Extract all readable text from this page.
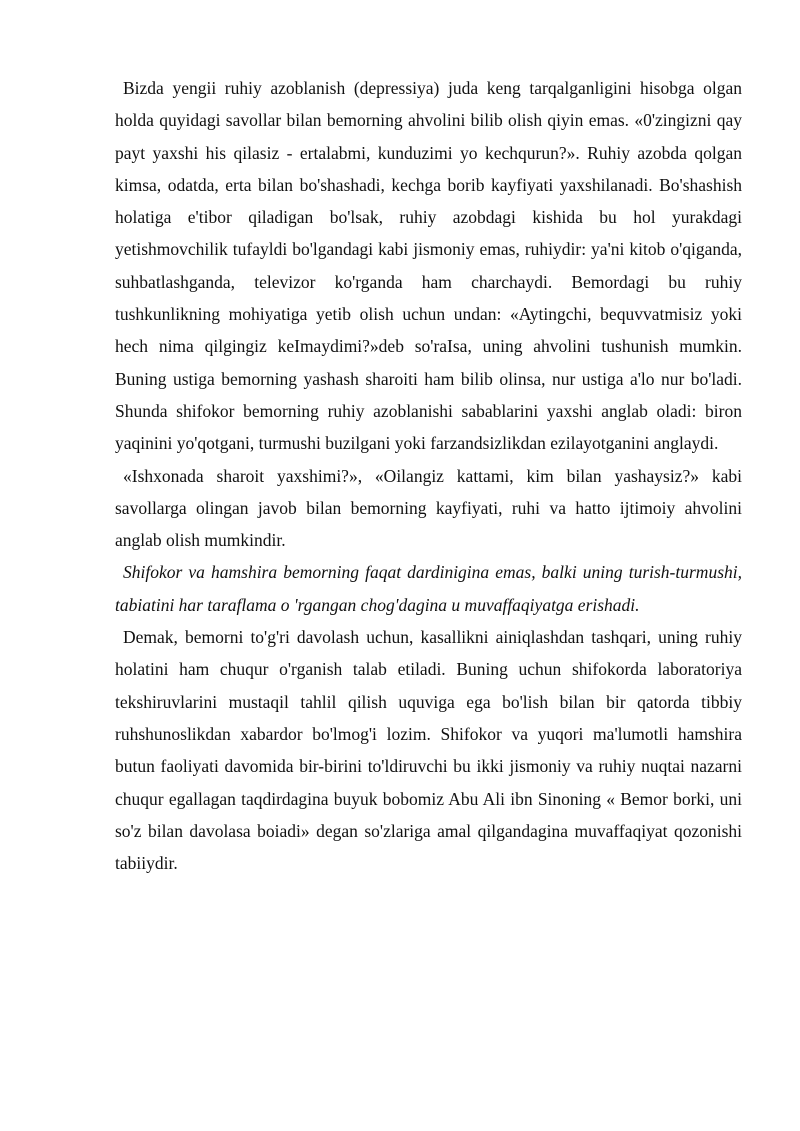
Bizda yengii ruhiy azoblanish (depressiya) juda keng tarqalganligini hisobga olgan holda quyidagi savollar bilan bemorning ahvolini bilib olish qiyin emas. «0'zingizni qay payt yaxshi his qilasiz - ertalabmi, kunduzimi yo kechqurun?». Ruhiy azobda qolgan kimsa, odatda, erta bilan bo'shashadi, kechga borib kayfiyati yaxshilanadi. Bo'shashish holatiga e'tibor qiladigan bo'lsak, ruhiy azobdagi kishida bu hol yurakdagi yetishmovchilik tufayldi bo'lgandagi kabi jismoniy emas, ruhiydir: ya'ni kitob o'qiganda, suhbatlashganda, televizor ko'rganda ham charchaydi. Bemordagi bu ruhiy tushkunlikning mohiyatiga yetib olish uchun undan: «Aytingchi, bequvvatmisiz yoki hech nima qilgingiz keImaydimi?»deb so'raIsa, uning ahvolini tushunish mumkin. Buning ustiga bemorning yashash sharoiti ham bilib olinsa, nur ustiga a'lo nur bo'ladi. Shunda shifokor bemorning ruhiy azoblanishi sabablarini yaxshi anglab oladi: biron yaqinini yo'qotgani, turmushi buzilgani yoki farzandsizlikdan ezilayotganini anglaydi.

«Ishxonada sharoit yaxshimi?», «Oilangiz kattami, kim bilan yashaysiz?» kabi savollarga olingan javob bilan bemorning kayfiyati, ruhi va hatto ijtimoiy ahvolini anglab olish mumkindir.

Shifokor va hamshira bemorning faqat dardinigina emas, balki uning turish-turmushi, tabiatini har taraflama o 'rgangan chog'dagina u muvaffaqiyatga erishadi.

Demak, bemorni to'g'ri davolash uchun, kasallikni ainiqlashdan tashqari, uning ruhiy holatini ham chuqur o'rganish talab etiladi. Buning uchun shifokorda laboratoriya tekshiruvlarini mustaqil tahlil qilish uquviga ega bo'lish bilan bir qatorda tibbiy ruhshunoslikdan xabardor bo'lmog'i lozim. Shifokor va yuqori ma'lumotli hamshira butun faoliyati davomida bir-birini to'ldiruvchi bu ikki jismoniy va ruhiy nuqtai nazarni chuqur egallagan taqdirdagina buyuk bobomiz Abu Ali ibn Sinoning « Bemor borki, uni so'z bilan davolasa boiadi» degan so'zlariga amal qilgandagina muvaffaqiyat qozonishi tabiiydir.
